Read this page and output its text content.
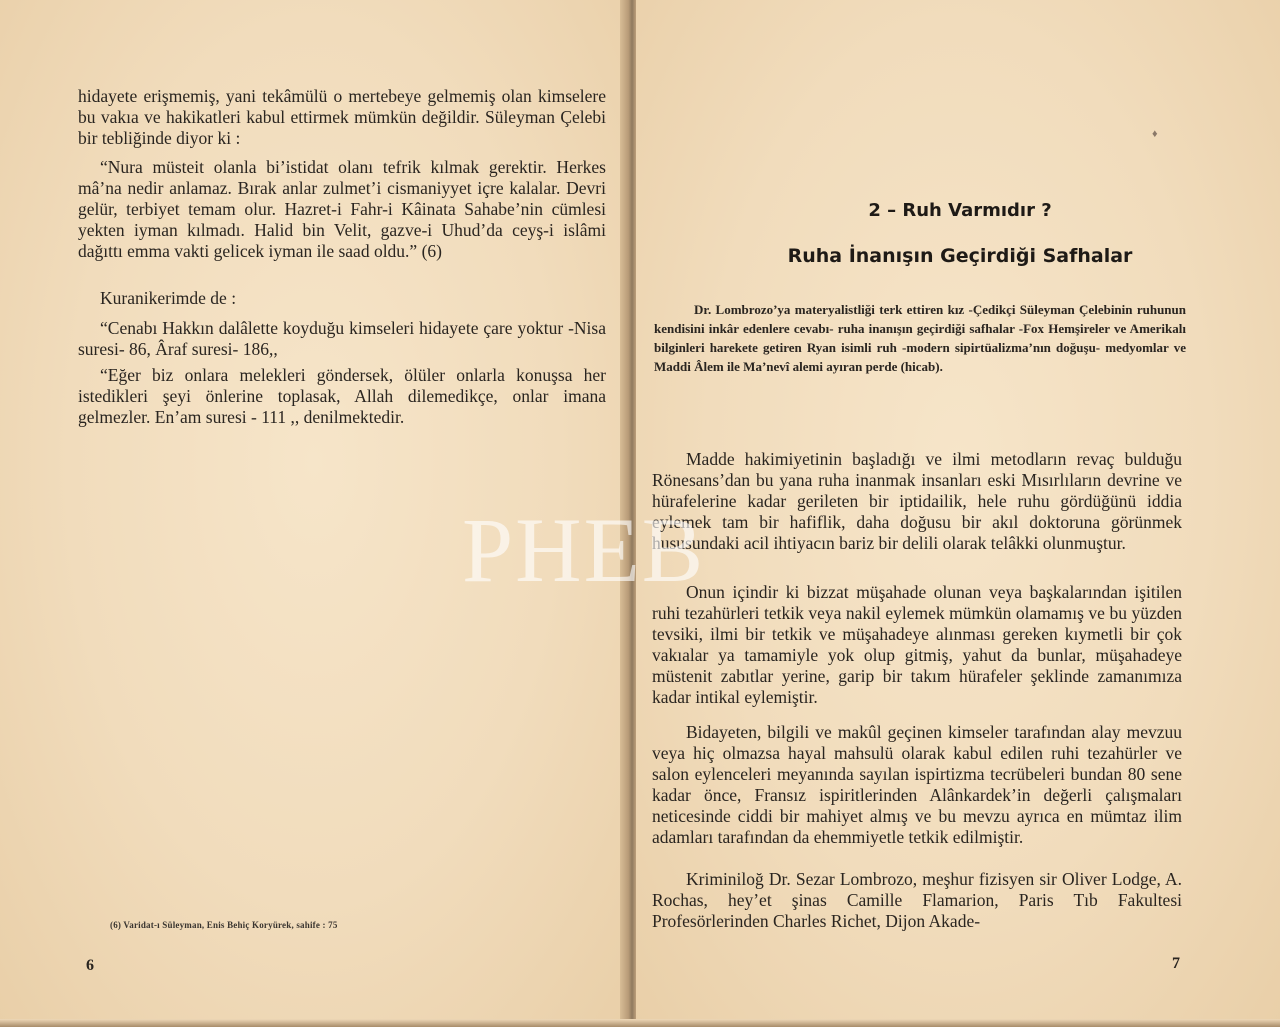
hidayete erişmemiş, yani tekâmülü o mertebeye gelmemiş olan kimselere bu vakıa ve hakikatleri kabul ettirmek mümkün değildir. Süleyman Çelebi bir tebliğinde diyor ki :

“Nura müsteit olanla bi’istidat olanı tefrik kılmak gerektir. Herkes mâ’na nedir anlamaz. Bırak anlar zulmet’i cismaniyyet içre kalalar. Devri gelür, terbiyet temam olur. Hazret-i Fahr-i Kâinata Sahabe’nin cümlesi yekten iyman kılmadı. Halid bin Velit, gazve-i Uhud’da ceyş-i islâmi dağıttı emma vakti gelicek iyman ile saad oldu.” (6)

Kuranikerimde de :

“Cenabı Hakkın dalâlette koyduğu kimseleri hidayete çare yoktur -Nisa suresi- 86, Âraf suresi- 186,,

“Eğer biz onlara melekleri göndersek, ölüler onlarla konuşsa her istedikleri şeyi önlerine toplasak, Allah dilemedikçe, onlar imana gelmezler. En’am suresi - 111 ,, denilmektedir.

(6) Varidat-ı Süleyman, Enis Behiç Koryürek, sahife : 75
6
♦
2 – Ruh Varmıdır ?
Ruha İnanışın Geçirdiği Safhalar

Dr. Lombrozo’ya materyalistliği terk ettiren kız -Çedikçi Süleyman Çelebinin ruhunun kendisini inkâr edenlere cevabı- ruha inanışın geçirdiği safhalar -Fox Hemşireler ve Amerikalı bilginleri harekete getiren Ryan isimli ruh -modern sipirtüalizma’nın doğuşu- medyomlar ve Maddi Âlem ile Ma’nevî alemi ayıran perde (hicab).

Madde hakimiyetinin başladığı ve ilmi metodların revaç bulduğu Rönesans’dan bu yana ruha inanmak insanları eski Mısırlıların devrine ve hürafelerine kadar gerileten bir iptidailik, hele ruhu gördüğünü iddia eylemek tam bir hafiflik, daha doğusu bir akıl doktoruna görünmek hususundaki acil ihtiyacın bariz bir delili olarak telâkki olunmuştur.

Onun içindir ki bizzat müşahade olunan veya başkalarından işitilen ruhi tezahürleri tetkik veya nakil eylemek mümkün olamamış ve bu yüzden tevsiki, ilmi bir tetkik ve müşahadeye alınması gereken kıymetli bir çok vakıalar ya tamamiyle yok olup gitmiş, yahut da bunlar, müşahadeye müstenit zabıtlar yerine, garip bir takım hürafeler şeklinde zamanımıza kadar intikal eylemiştir.

Bidayeten, bilgili ve makûl geçinen kimseler tarafından alay mevzuu veya hiç olmazsa hayal mahsulü olarak kabul edilen ruhi tezahürler ve salon eylenceleri meyanında sayılan ispirtizma tecrübeleri bundan 80 sene kadar önce, Fransız ispiritlerinden Alânkardek’in değerli çalışmaları neticesinde ciddi bir mahiyet almış ve bu mevzu ayrıca en mümtaz ilim adamları tarafından da ehemmiyetle tetkik edilmiştir.

Kriminiloğ Dr. Sezar Lombrozo, meşhur fizisyen sir Oliver Lodge, A. Rochas, hey’et şinas Camille Flamarion, Paris Tıb Fakultesi Profesörlerinden Charles Richet, Dijon Akade-

7
PHEB
